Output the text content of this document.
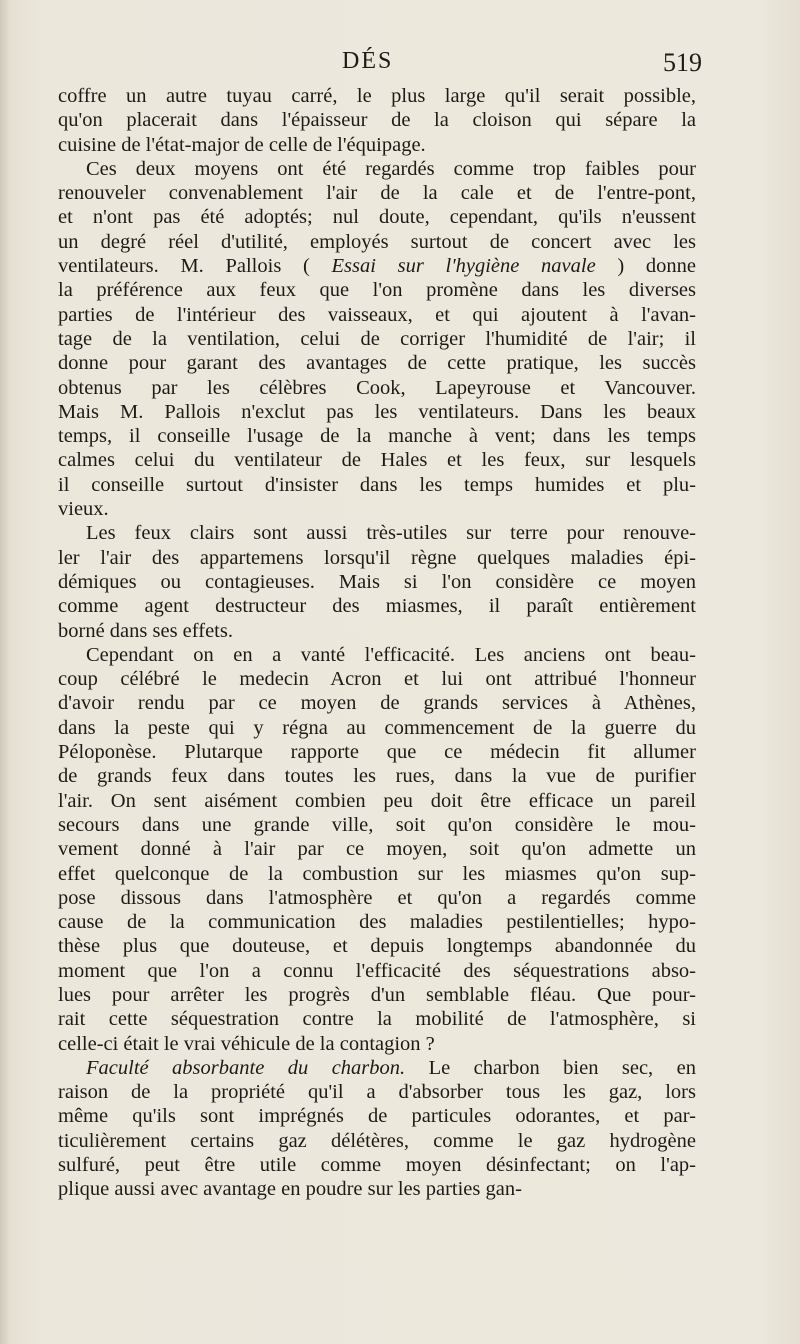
DÉS	519
coffre un autre tuyau carré, le plus large qu'il serait possible,
qu'on placerait dans l'épaisseur de la cloison qui sépare la
cuisine de l'état-major de celle de l'équipage.
Ces deux moyens ont été regardés comme trop faibles pour
renouveler convenablement l'air de la cale et de l'entre-pont,
et n'ont pas été adoptés; nul doute, cependant, qu'ils n'eussent
un degré réel d'utilité, employés surtout de concert avec les
ventilateurs. M. Pallois ( Essai sur l'hygiène navale ) donne
la préférence aux feux que l'on promène dans les diverses
parties de l'intérieur des vaisseaux, et qui ajoutent à l'avan-
tage de la ventilation, celui de corriger l'humidité de l'air; il
donne pour garant des avantages de cette pratique, les succès
obtenus par les célèbres Cook, Lapeyrouse et Vancouver.
Mais M. Pallois n'exclut pas les ventilateurs. Dans les beaux
temps, il conseille l'usage de la manche à vent; dans les temps
calmes celui du ventilateur de Hales et les feux, sur lesquels
il conseille surtout d'insister dans les temps humides et plu-
vieux.
Les feux clairs sont aussi très-utiles sur terre pour renouve-
ler l'air des appartemens lorsqu'il règne quelques maladies épi-
démiques ou contagieuses. Mais si l'on considère ce moyen
comme agent destructeur des miasmes, il paraît entièrement
borné dans ses effets.
Cependant on en a vanté l'efficacité. Les anciens ont beau-
coup célébré le medecin Acron et lui ont attribué l'honneur
d'avoir rendu par ce moyen de grands services à Athènes,
dans la peste qui y régna au commencement de la guerre du
Péloponèse. Plutarque rapporte que ce médecin fit allumer
de grands feux dans toutes les rues, dans la vue de purifier
l'air. On sent aisément combien peu doit être efficace un pareil
secours dans une grande ville, soit qu'on considère le mou-
vement donné à l'air par ce moyen, soit qu'on admette un
effet quelconque de la combustion sur les miasmes qu'on sup-
pose dissous dans l'atmosphère et qu'on a regardés comme
cause de la communication des maladies pestilentielles; hypo-
thèse plus que douteuse, et depuis longtemps abandonnée du
moment que l'on a connu l'efficacité des séquestrations abso-
lues pour arrêter les progrès d'un semblable fléau. Que pour-
rait cette séquestration contre la mobilité de l'atmosphère, si
celle-ci était le vrai véhicule de la contagion ?
Faculté absorbante du charbon. Le charbon bien sec, en
raison de la propriété qu'il a d'absorber tous les gaz, lors
même qu'ils sont imprégnés de particules odorantes, et par-
ticulièrement certains gaz délétères, comme le gaz hydrogène
sulfuré, peut être utile comme moyen désinfectant; on l'ap-
plique aussi avec avantage en poudre sur les parties gan-
